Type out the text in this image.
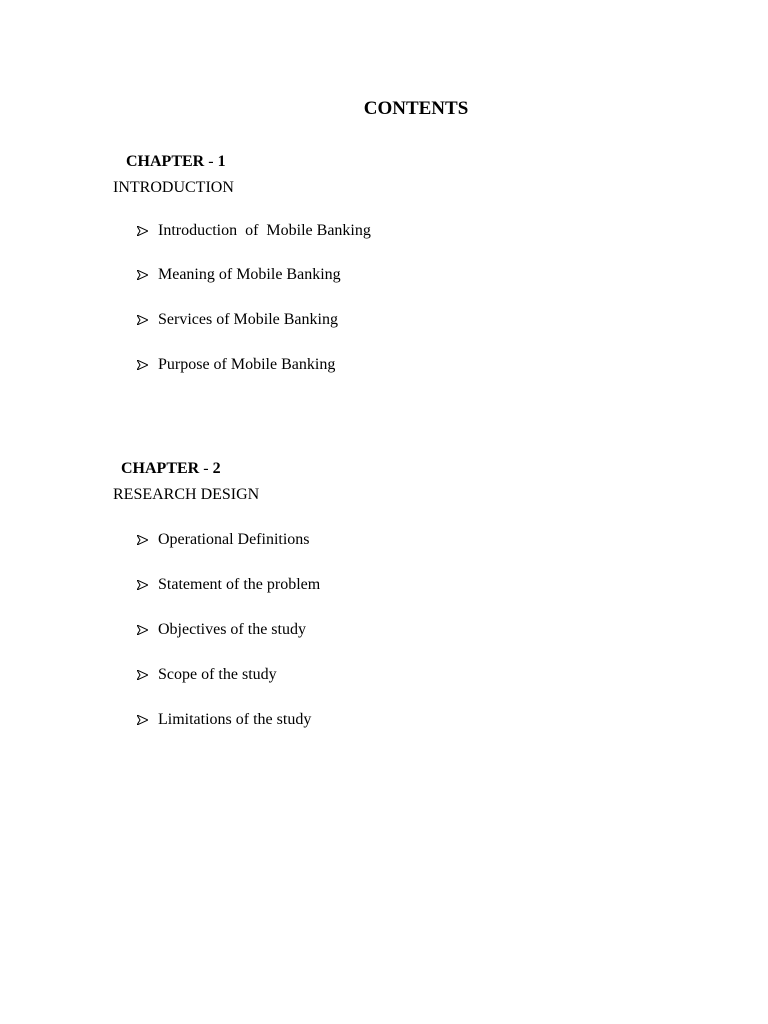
CONTENTS

CHAPTER - 1

INTRODUCTION

Introduction  of  Mobile Banking

Meaning of Mobile Banking

Services of Mobile Banking

Purpose of Mobile Banking

CHAPTER - 2

RESEARCH DESIGN

Operational Definitions

Statement of the problem

Objectives of the study

Scope of the study

Limitations of the study
